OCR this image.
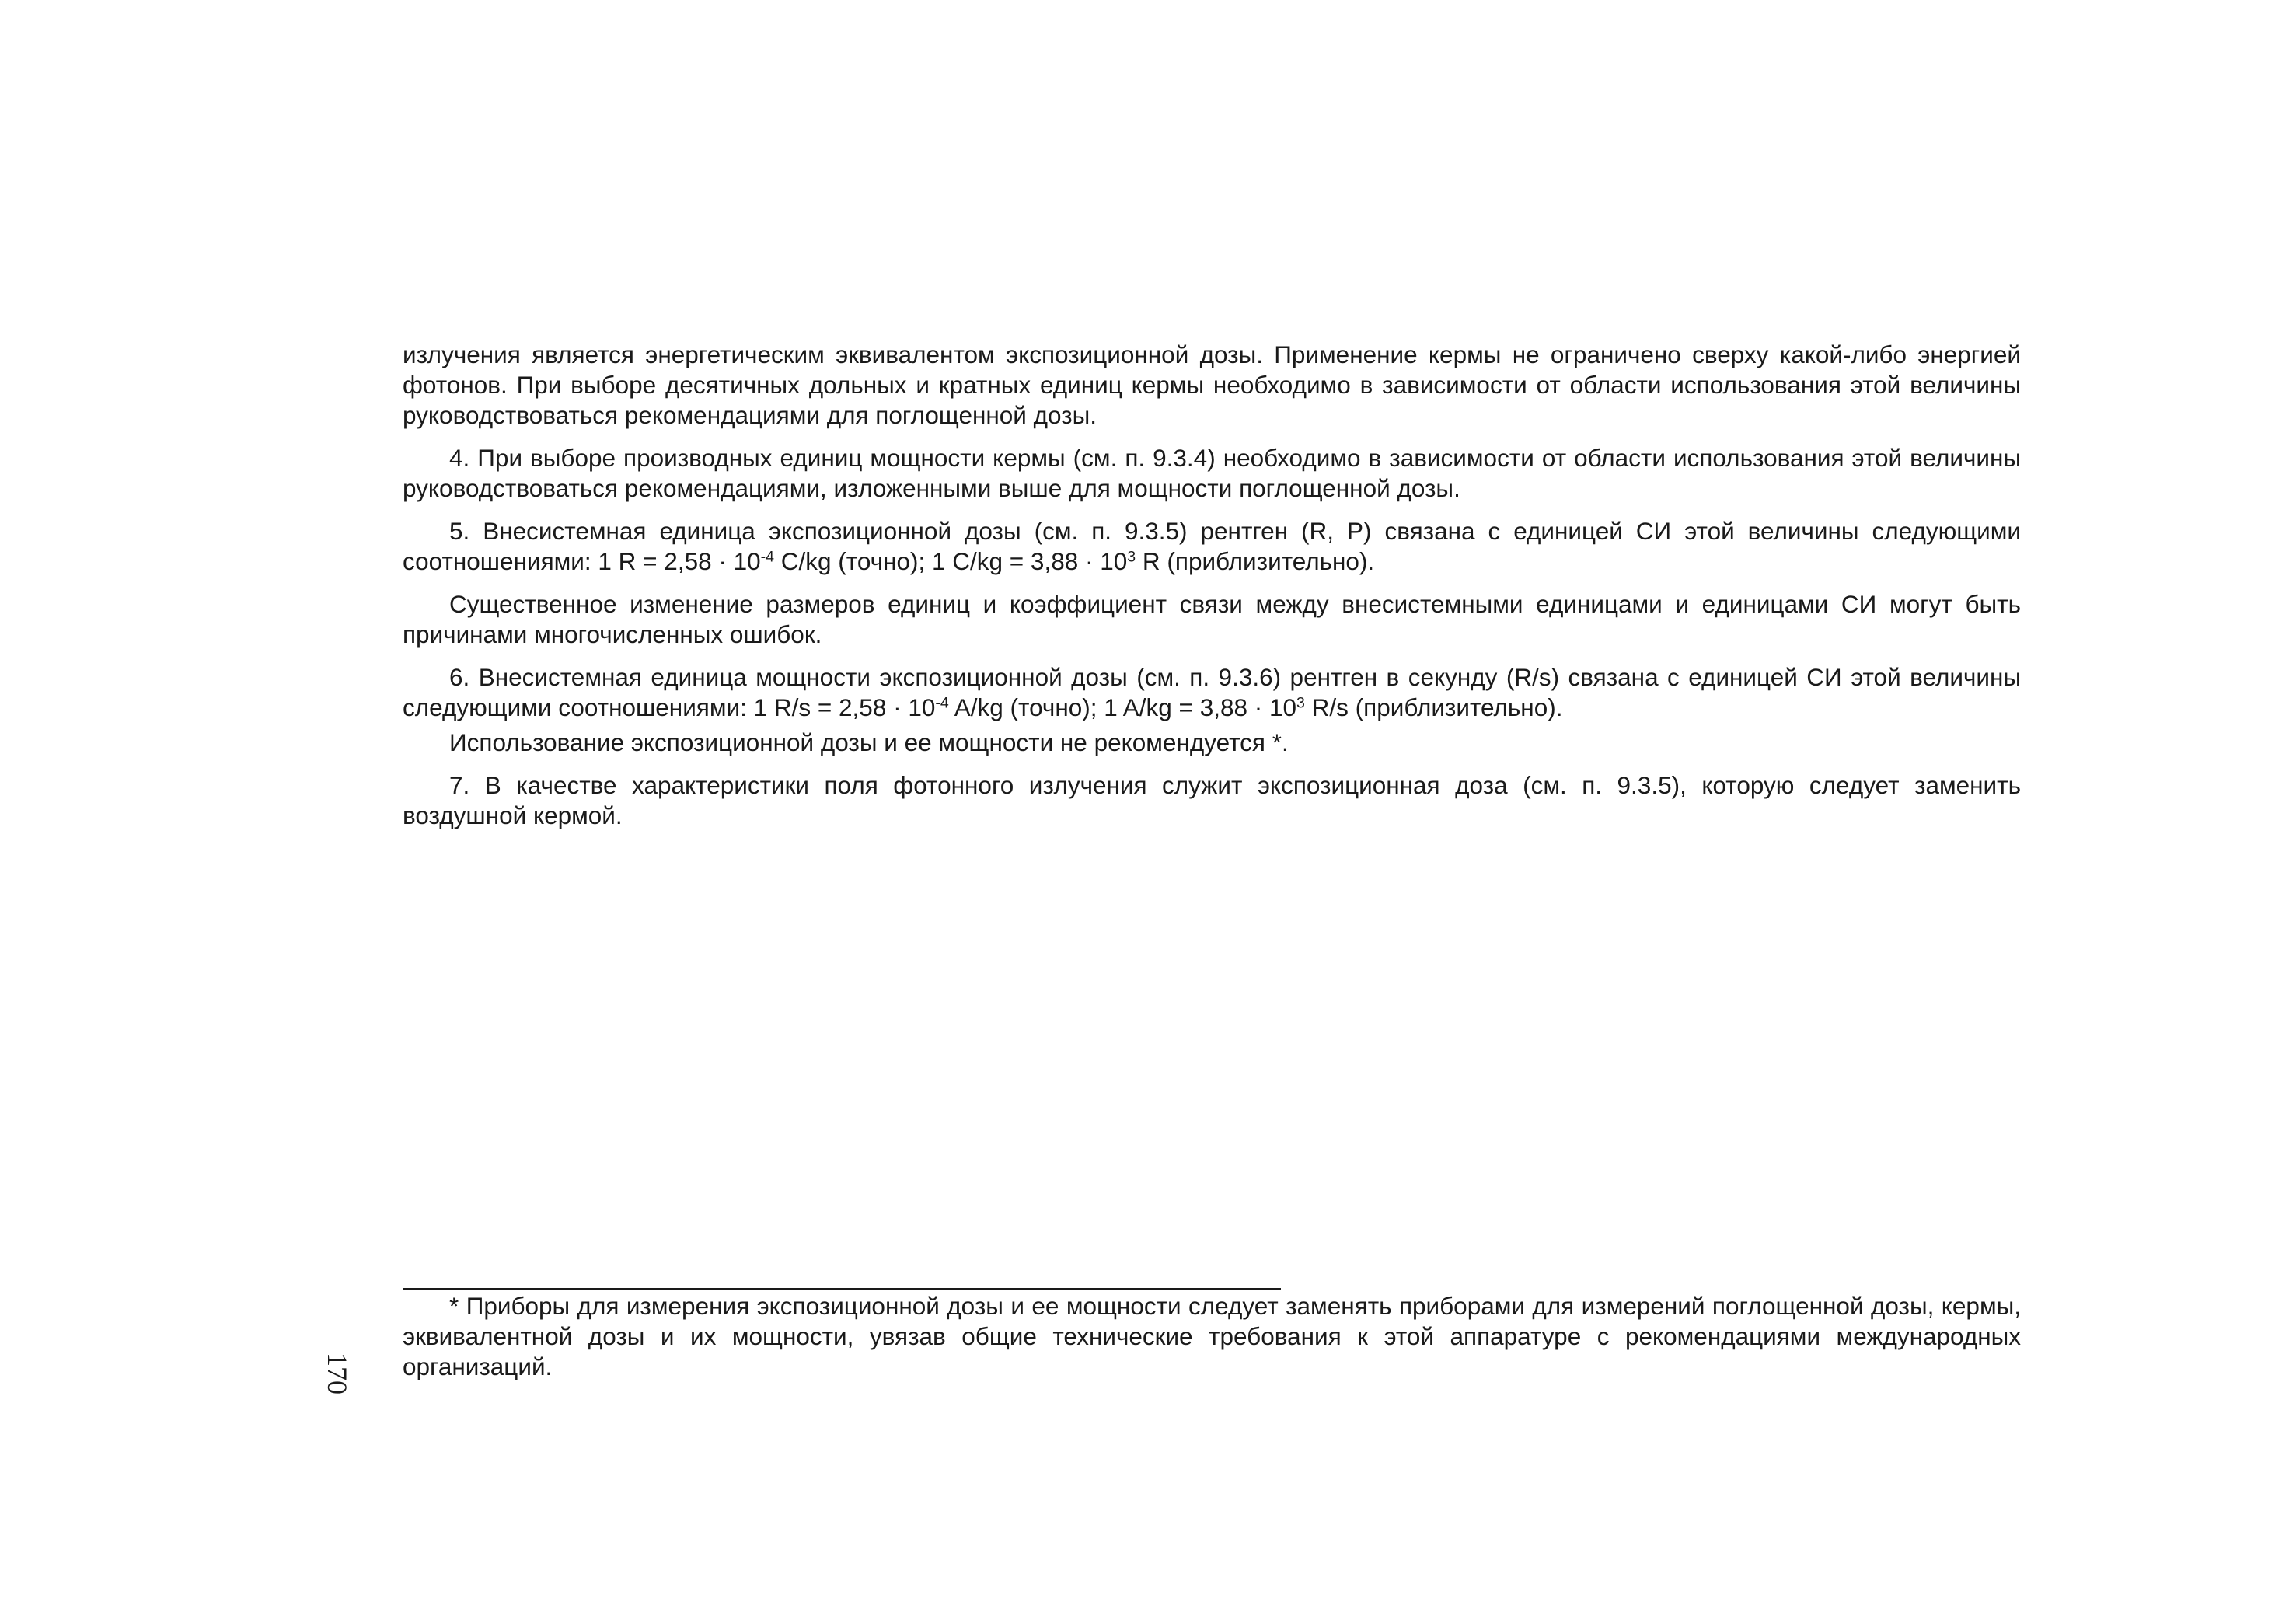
излучения является энергетическим эквивалентом экспозиционной дозы. Применение кермы не ограничено сверху какой-либо энергией фотонов. При выборе десятичных дольных и кратных единиц кермы необходимо в зависимости от области использования этой величины руководствоваться рекомендациями для поглощенной дозы.

4. При выборе производных единиц мощности кермы (см. п. 9.3.4) необходимо в зависимости от области использования этой величины руководствоваться рекомендациями, изложенными выше для мощности поглощенной дозы.

5. Внесистемная единица экспозиционной дозы (см. п. 9.3.5) рентген (R, P) связана с единицей СИ этой величины следующими соотношениями: 1 $R = 2,58 \cdot 10^{-4}$ C/kg (точно); 1 $C/kg = 3,88 \cdot 10^3$ R (приблизительно).

Существенное изменение размеров единиц и коэффициент связи между внесистемными единицами и единицами СИ могут быть причинами многочисленных ошибок.

6. Внесистемная единица мощности экспозиционной дозы (см. п. 9.3.6) рентген в секунду (R/s) связана с единицей СИ этой величины следующими соотношениями: 1 $R/s = 2,58 \cdot 10^{-4}$ A/kg (точно); 1 $A/kg = 3,88 \cdot 10^3$ R/s (приблизительно).

Использование экспозиционной дозы и ее мощности не рекомендуется *.

7. В качестве характеристики поля фотонного излучения служит экспозиционная доза (см. п. 9.3.5), которую следует заменить воздушной кермой.

* Приборы для измерения экспозиционной дозы и ее мощности следует заменять приборами для измерений поглощенной дозы, кермы, эквивалентной дозы и их мощности, увязав общие технические требования к этой аппаратуре с рекомендациями международных организаций.

170
